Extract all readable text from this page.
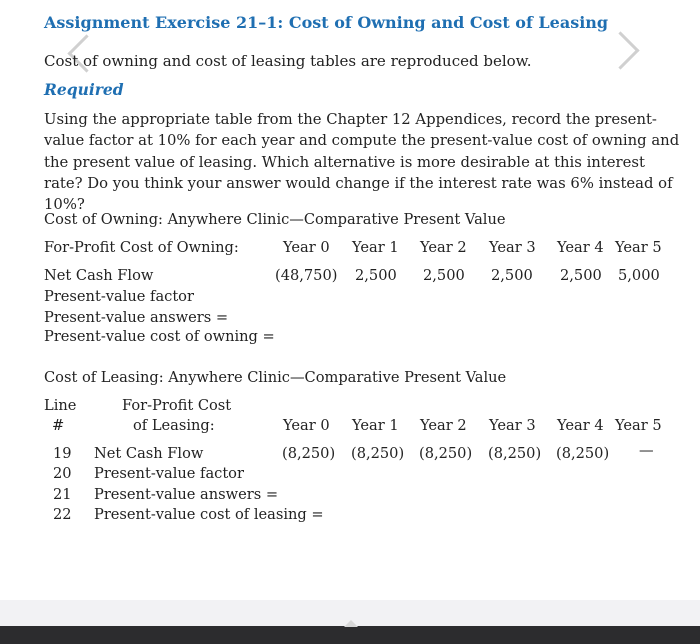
Assignment Exercise 21–1: Cost of Owning and Cost of Leasing
Cost of owning and cost of leasing tables are reproduced below.
Required
Using the appropriate table from the Chapter 12 Appendices, record the present-value factor at 10% for each year and compute the present-value cost of owning and the present value of leasing. Which alternative is more desirable at this interest rate? Do you think your answer would change if the interest rate was 6% instead of 10%?
Cost of Owning: Anywhere Clinic—Comparative Present Value
For-Profit Cost of Owning:	Year 0 Year 1 Year 2 Year 3 Year 4 Year 5
Net Cash Flow	(48,750) 2,500 2,500 2,500 2,500 5,000
Present-value factor
Present-value answers =
Present-value cost of owning =
Cost of Leasing: Anywhere Clinic—Comparative Present Value
Line	For-Profit Cost
#	of Leasing:	Year 0 Year 1 Year 2 Year 3 Year 4 Year 5
19 Net Cash Flow	(8,250) (8,250) (8,250) (8,250) (8,250) —
20 Present-value factor
21 Present-value answers =
22 Present-value cost of leasing =
